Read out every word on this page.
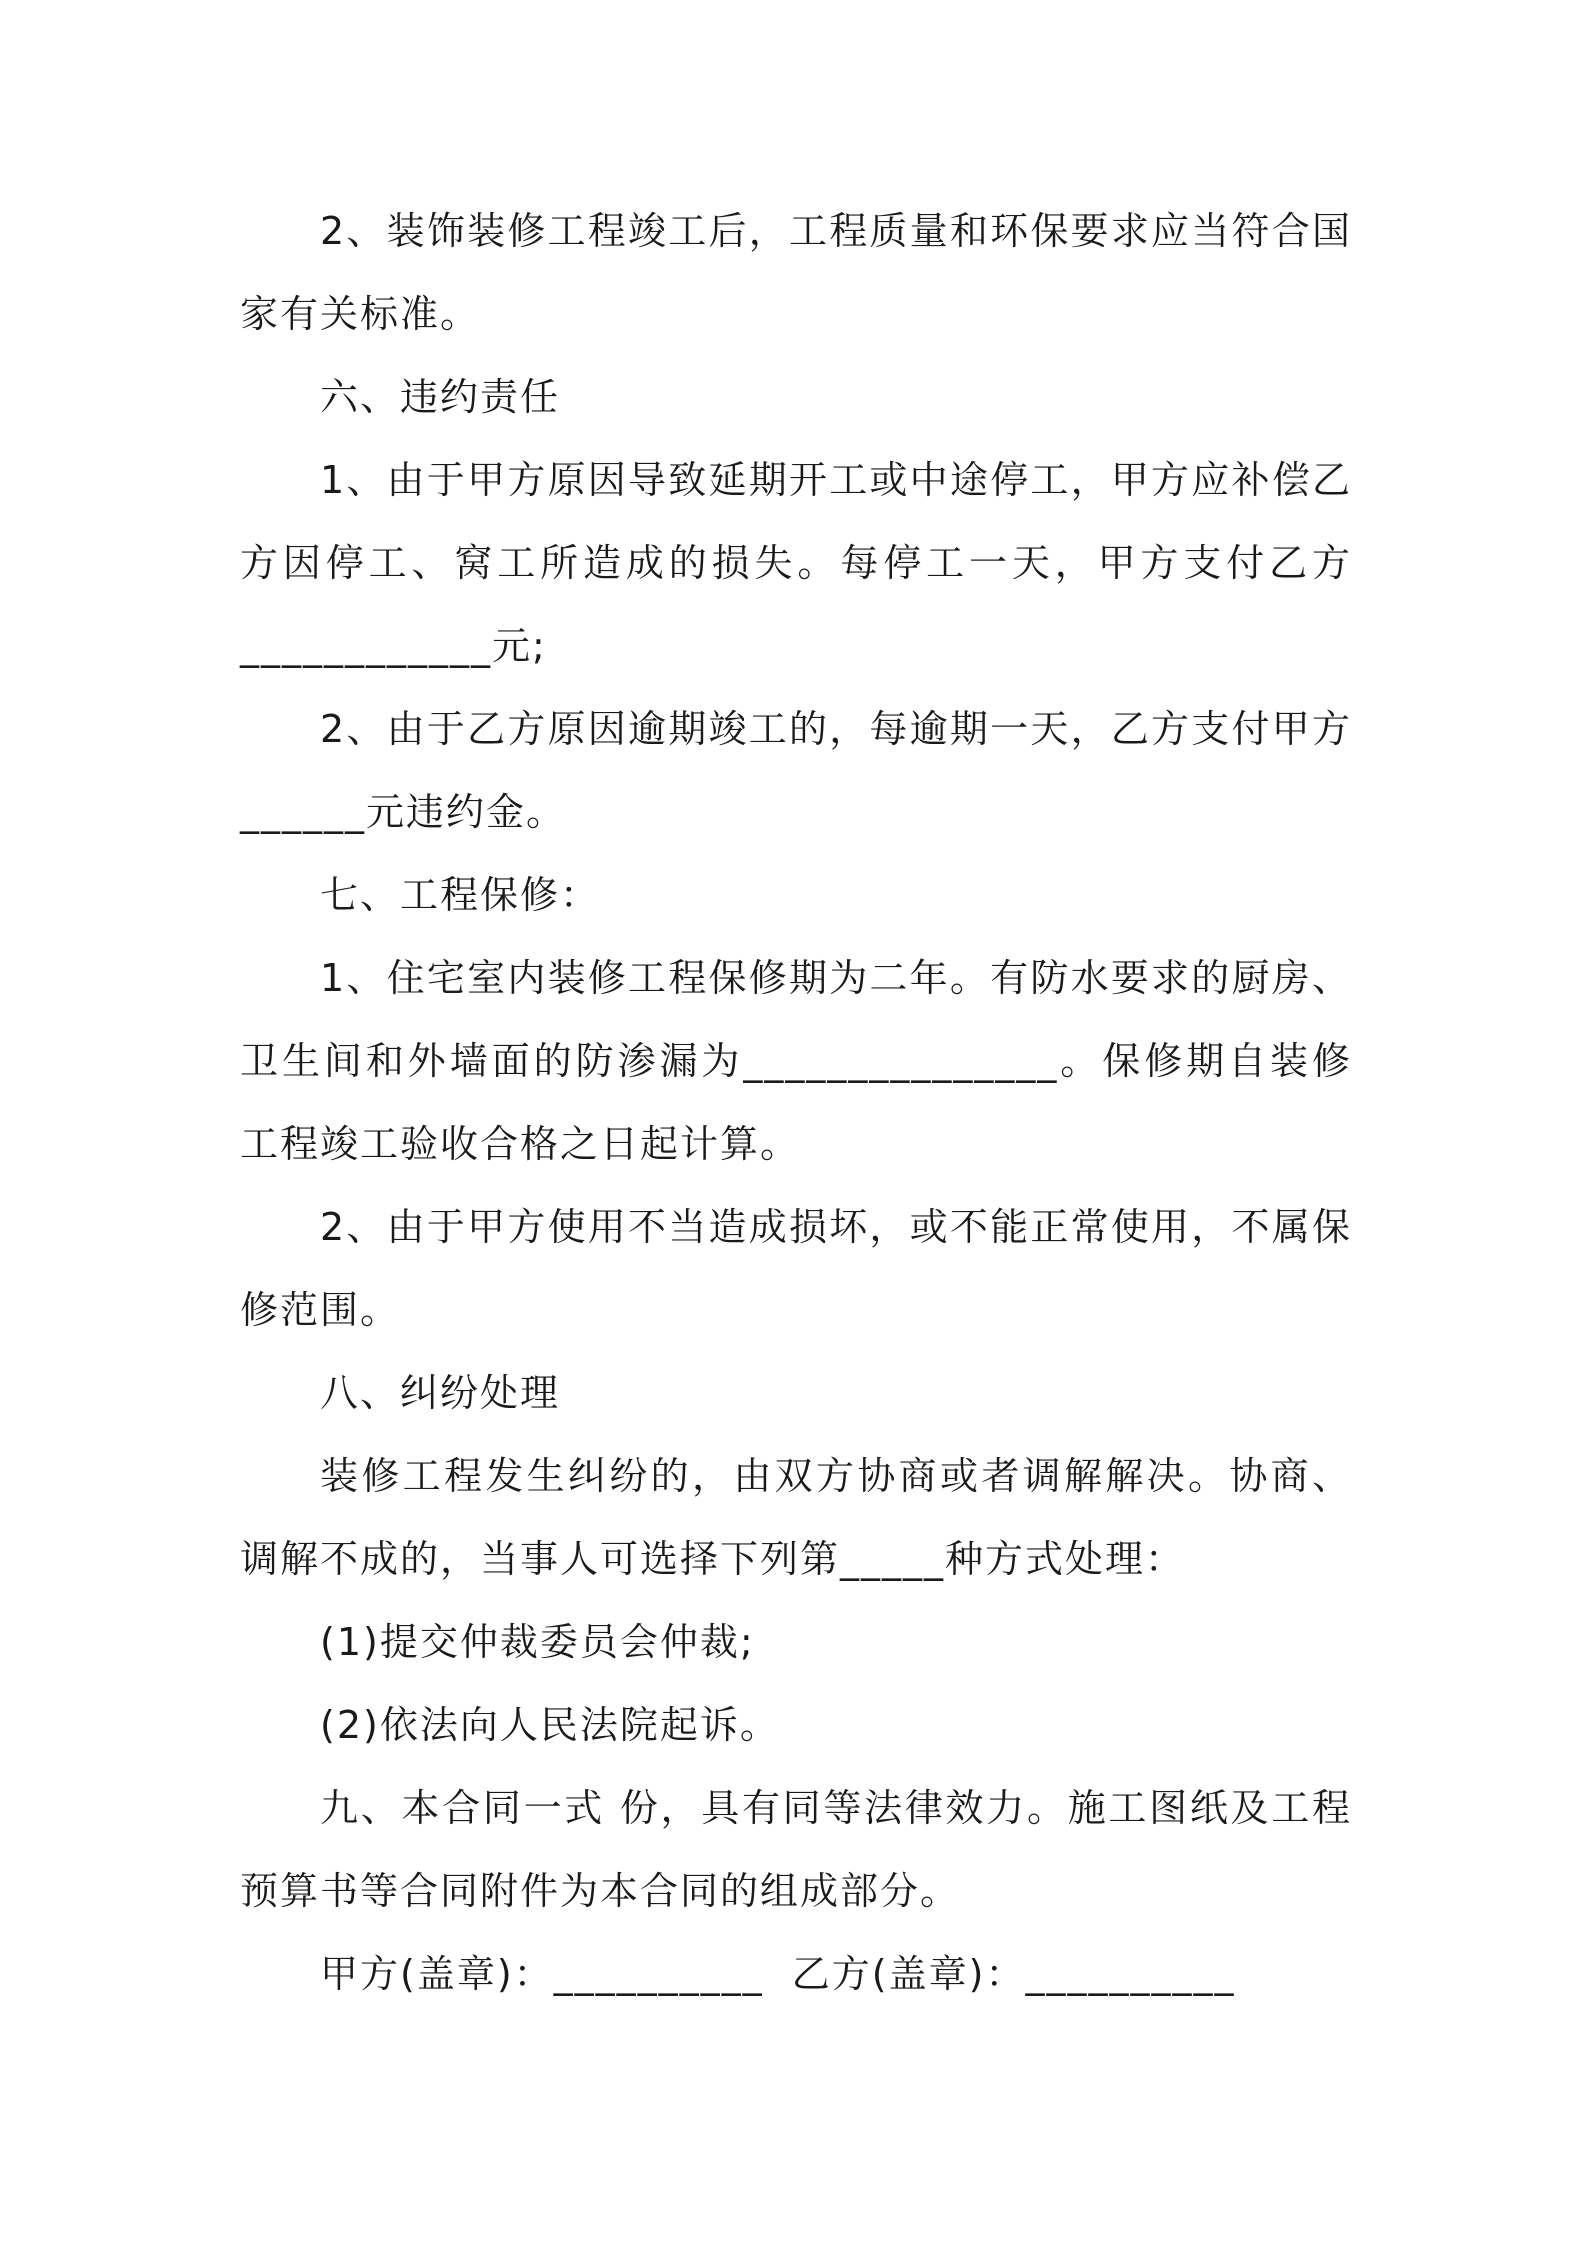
2、装饰装修工程竣工后，工程质量和环保要求应当符合国家有关标准。

六、违约责任

1、由于甲方原因导致延期开工或中途停工，甲方应补偿乙方因停工、窝工所造成的损失。每停工一天，甲方支付乙方____________元;

2、由于乙方原因逾期竣工的，每逾期一天，乙方支付甲方______元违约金。

七、工程保修：

1、住宅室内装修工程保修期为二年。有防水要求的厨房、卫生间和外墙面的防渗漏为_______________。保修期自装修工程竣工验收合格之日起计算。

2、由于甲方使用不当造成损坏，或不能正常使用，不属保修范围。

八、纠纷处理

装修工程发生纠纷的，由双方协商或者调解解决。协商、调解不成的，当事人可选择下列第_____种方式处理：

(1)提交仲裁委员会仲裁;

(2)依法向人民法院起诉。

九、本合同一式 份，具有同等法律效力。施工图纸及工程预算书等合同附件为本合同的组成部分。

甲方(盖章)：__________  乙方(盖章)：__________
